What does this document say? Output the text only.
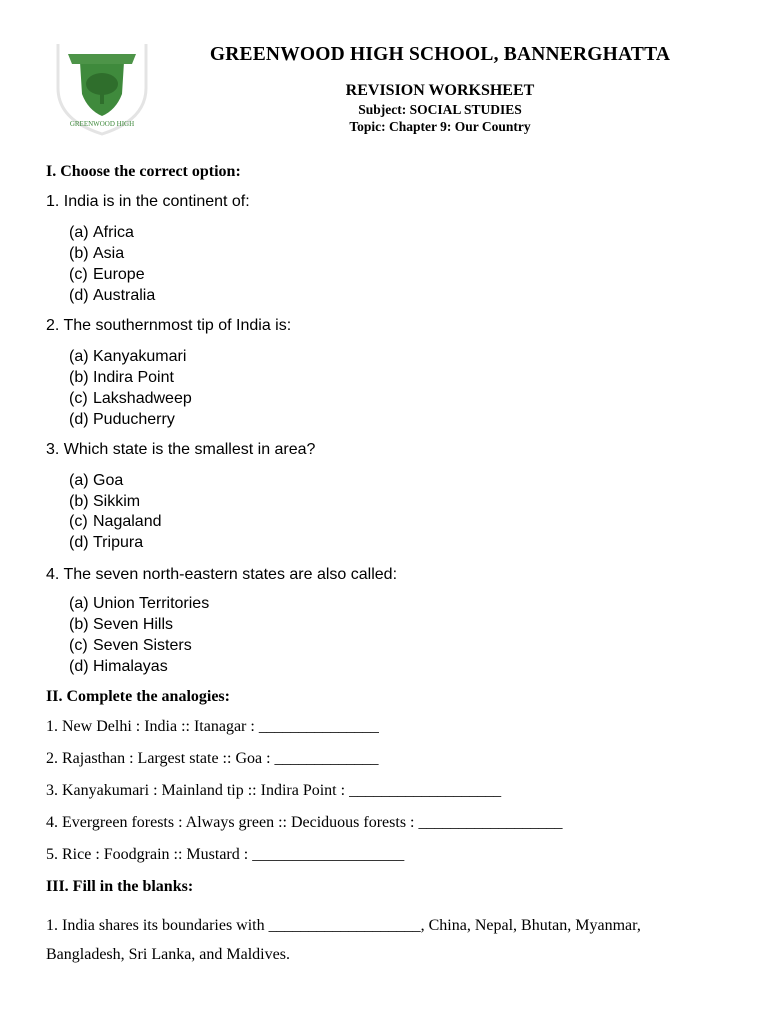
GREENWOOD HIGH
GREENWOOD HIGH SCHOOL, BANNERGHATTA
REVISION WORKSHEET
Subject: SOCIAL STUDIES
Topic: Chapter 9: Our Country
I. Choose the correct option:
1. India is in the continent of:
(a) Africa
(b) Asia
(c) Europe
(d) Australia
2. The southernmost tip of India is:
(a) Kanyakumari
(b) Indira Point
(c) Lakshadweep
(d) Puducherry
3. Which state is the smallest in area?
(a) Goa
(b) Sikkim
(c) Nagaland
(d) Tripura
4. The seven north-eastern states are also called:
(a) Union Territories
(b) Seven Hills
(c) Seven Sisters
(d) Himalayas
II. Complete the analogies:
1. New Delhi : India :: Itanagar : _______________
2. Rajasthan : Largest state :: Goa : _____________
3. Kanyakumari : Mainland tip :: Indira Point : ___________________
4. Evergreen forests : Always green :: Deciduous forests : __________________
5. Rice : Foodgrain :: Mustard : ___________________
III. Fill in the blanks:
1. India shares its boundaries with ___________________, China, Nepal, Bhutan, Myanmar,
Bangladesh, Sri Lanka, and Maldives.
